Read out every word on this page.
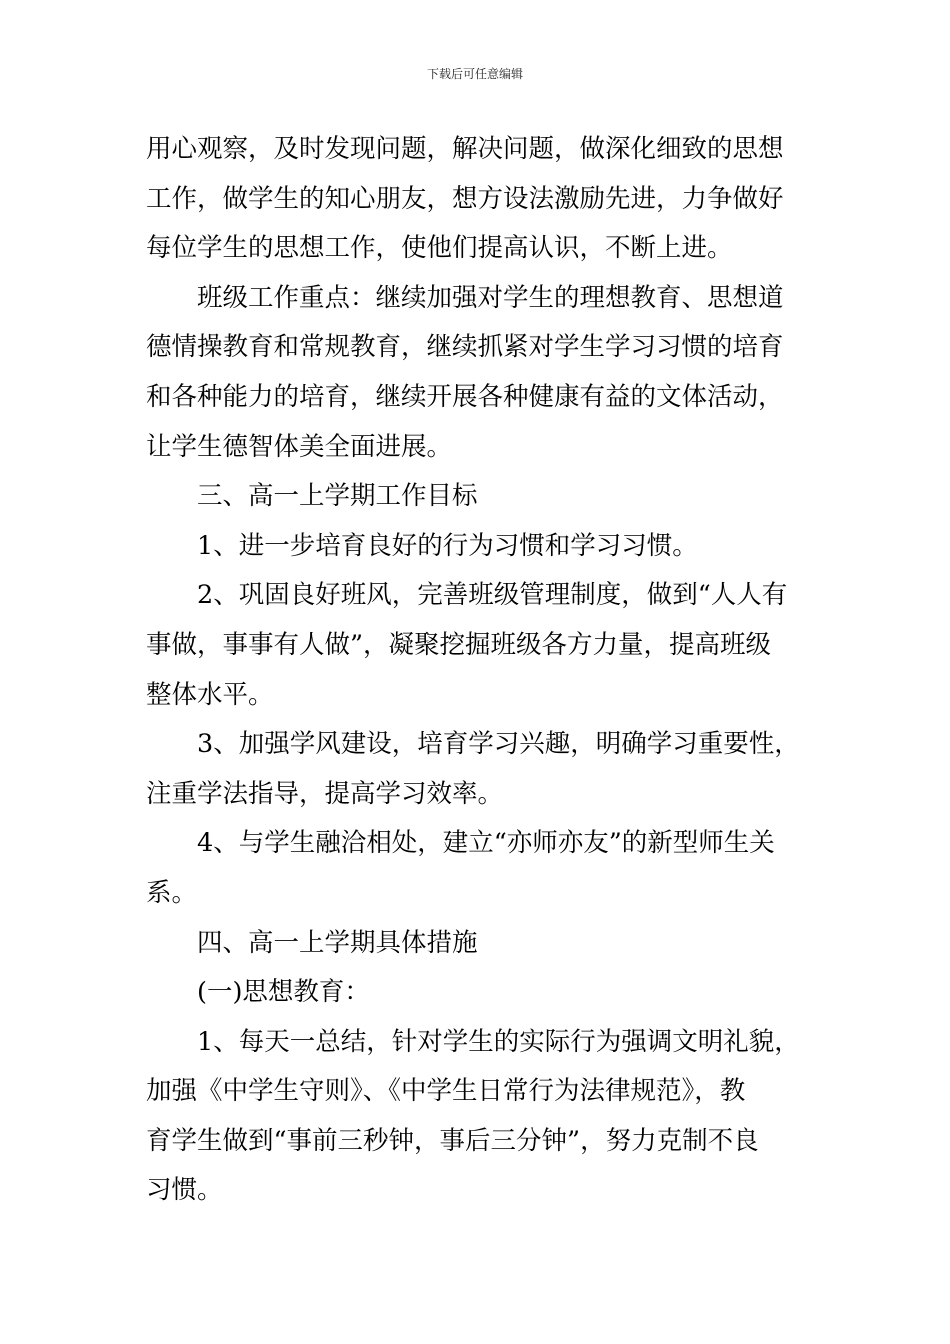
下载后可任意编辑
用心观察，及时发现问题，解决问题，做深化细致的思想
工作，做学生的知心朋友，想方设法激励先进，力争做好
每位学生的思想工作，使他们提高认识，不断上进。
班级工作重点：继续加强对学生的理想教育、思想道
德情操教育和常规教育，继续抓紧对学生学习习惯的培育
和各种能力的培育，继续开展各种健康有益的文体活动，
让学生德智体美全面进展。
三、高一上学期工作目标
1、进一步培育良好的行为习惯和学习习惯。
2、巩固良好班风，完善班级管理制度，做到“人人有
事做，事事有人做”，凝聚挖掘班级各方力量，提高班级
整体水平。
3、加强学风建设，培育学习兴趣，明确学习重要性，
注重学法指导，提高学习效率。
4、与学生融洽相处，建立“亦师亦友”的新型师生关
系。
四、高一上学期具体措施
(一)思想教育：
1、每天一总结，针对学生的实际行为强调文明礼貌，
加强《中学生守则》、《中学生日常行为法律规范》，教
育学生做到“事前三秒钟，事后三分钟”，努力克制不良
习惯。
